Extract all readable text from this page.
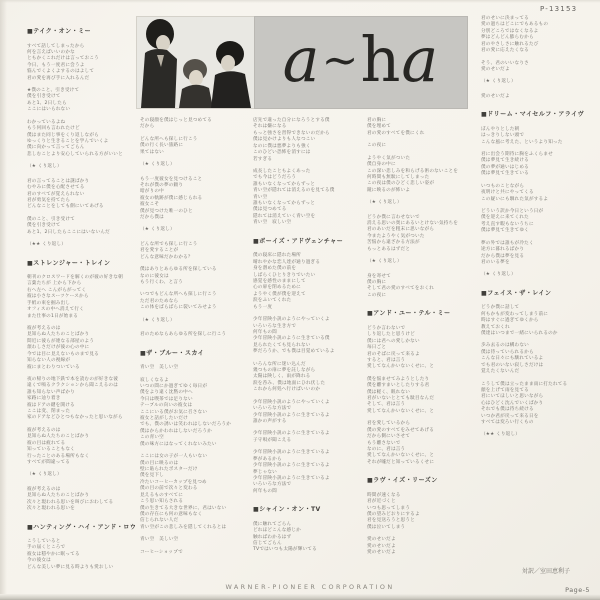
P-13153
a~ha
■テイク・オン・ミー
すべて話してしまったから
何を言えばいいのかな
ともかくこれだけは言っておこう
今日、もう一度君に会うよ
悩んでくよくよするのはよして
君の愛を再び手に入れるんだ
★僕のこと、引き受けて
僕を引き受けて
あと1、2日したら
ここにはいられない
わかっているよね
もう何回も言われたけど
僕はまた同じ事をくり返しながら
ゆっくりと生きることを学んでいくよ
僕に向かって言ってごらん
悲しむことより安心していられる方がいいと
（★ くり返し）
君の言ってることは謎ばかり
むやみに僕を心配させてる
君のすべてが覚えられない
君が勇気を持てたら
どんなことをしても側にいてあげる
僕のこと、引き受けて
僕を引き受けて
あと1、2日したらここにはいないんだ
（★★ くり返し）
■ストレンジャー・トレイン
朝刊のクロスワードを解くのが彼の好きな朝
言葉たちが 上から下から
右へ左へ こんがらがってく
彼は小さなスーツケースから
手紙の束を掴み出し
オフィスの中へ消えて行く
また仕事の1日が始まる
彼が考えるのは
見知らぬ人たちのことばかり
間近に彼らが連なる部屋のよう
煩わしさだけが彼の心の中に
今では目に見えないものまで見る
知らない人の視線が
彼にまとわりついている
夜の帰りの地下鉄で本を読むのが好きな彼
遠くで鳴るクラクションから聞こえるのは
誰も知らない声ばかり
家路に辿り着き
彼はドアの鍵を開ける
ここは変、閉まった
家のドアなどひとつもなかったと思いながら
彼が考えるのは
見知らぬ人たちのことばかり
彼の目は疲れてる
知っていることもなく
行ったことのある場所もなく
すべてが間違ってる
（★ くり返し）
彼が考えるのは
見知らぬ人たちのことばかり
次々と現われる思いを叫びにおわしてる
次々と現われる思いを
■ハンティング・ハイ・アンド・ロウ
こうしていると
手の届くところで
彼女は穏やかに眠ってる
今の彼女は
どんな美しい夢に見る時よりも愛おしい
その寝顔を僕はじっと見つめてる
だから
どんな所へも探しに行こう
僕の行く長い旅路に
果てはない
（★ くり返し）
もう一度彼女を見つけること
それが僕の夢の頼り
暗がりの中
彼女の軌跡が僕に感じられる
彼女こそ
僕が見つけた唯一のひと
だから僕は
（★ くり返し）
どんな所でも探しに行こう
君を愛することが
どんな意味だかわかる？
僕はありとあらゆる所を探している
なのに彼女は
もう行くわ、と言う
いつでもどんな所へも探しに行こう
ただ君のためなら
この体をばらばらに裂いてみせよう
（★ くり返し）
君のためならあらゆる所を探しに行こう
■ザ・ブルー・スカイ
青い空　美しい空
寂しくなるよ
いつの間にか過ぎてゆく毎日が
僕をより遠く沈黙の中へ
今日は喫茶では足りない
テーブルの向いの彼女は
ここにいる僕がお気に召さない
彼女と話がしたいだけ
でも、僕の誘いは笑われはしないだろうか
僕はからかわれはしないだろうか
この青い空
僕の味方にはなってくれないみたい
ここには女の子が一人もいない
僕の目に映るのは
壁に貼られたポスターだけ
僕を見下し
冷たいコーヒーカップを見つめ
僕の目の前で次々と変わる
見えるものすべてに
こう思い知らされる
僕の生きてる大きな世界に、君はいない
僕の存在にも何の意味もなく
信じられない人だ
青い空がこの悲しみを隠してくれるとは
青い空　美しい空
コーヒーショップで
店先で違った自分になろうとする僕
それは嫌になる
もっと強さを習得できないのだから
僕は見かけよりも人なつこい
なのに僕は悪夢よりも強く
このひどい恐怖を消すには
若すぎる
成長したこともよくあった
でも今はどうだろう
誰もいなくなってからずっと
青い空が隠れては消えるのを見てる僕
青い空
誰もいなくなってからずっと
僕は見つめてる
隠れては消えていく青い空を
青い空　寂しい空
■ボーイズ・アドヴェンチャー
僕の寝床に隠れた場所
晴れやかな恋人達が通り過ぎる
身を潜めた僕の前を
しばらくひとりきりでいたい
感覚を感性のままにして
心の扉を閉めるために
ようやく僕が僕を迎えて
涙をふいてくれた
もう一度
少年冒険小説のようにやっていくよ
いろいろな生き方で
何年もの間
少年冒険小説のように生きている僕
見られたくても見られない
夢だろうか、でも僕は目覚めているよ
いろんな所に迷い込んだ
幾つもの扉に夢を託しながら
太陽は険しく、雨が降れる
涙を呑み、僕は地面にひれ伏した
これから何処へ行けばいいのか
少年冒険小説のようにやっていくよ
いろいろな方法で
少年冒険小説のように生きているよ
誰かの声がする
少年冒険小説のように生きているよ
子守唄が聞こえる
少年冒険小説のように生きているよ
夢があるから
少年冒険小説のように生きているよ
夢じゃない
少年冒険小説のように生きているよ
いろいろな方法で
何年もの間
■シャイン・オン・TV
僕に触れてごらん
どれほどこんな感じか
触ればわかるはず
信じてごらん
TVではいつも太陽が輝いてる
君の胸に
僕を埋めて
君の愛のすべてを僕にくれ
この夜に
ようやく気がついた
僕自身の中に
この深い悲しみを和らげる術のないことを
何時間も無駄にしてしまった
この夜は僕のひどく悲しい姿が
鏡に映るのが怖いよ
（★ くり返し）
どうか僕に言わせないで
消える思いの奥にあるいとけない気持ちを
君のあいだを粗末に思いながら
今またようやく気がついた
苦悩から遠ざかる方法が
もっとあるはずだと
（★ くり返し）
身を寄せて
僕の胸に
そして君の愛のすべてをおくれ
この夜に
■アンド・ユー・テル・ミー
どうか言わないで
しり返したと思うけど
僕には君への愛しかない
毎日ごと
君のそばに戻って来るよ
すると、君は言う
愛してなんかいないくせに、と
僕を悩ませてみようとしたり
僕を離すまいとしたりする君
僕は軽く、眠れない
君がいないととても駄目なんだ
そして、君は言う
愛してなんかいないくせに、と
君を愛しているから
僕の愛のすべてをみせてあげる
だから側にいさせて
もう離さないで
なのに、君は言う
愛してなんかいないくせに、と
それが嘘だと知っているくせに
■ラヴ・イズ・リーズン
時間が速くなる
君が近づくと
いつも思ってしまう
僕の望みどおりにするよ
君を見送ろうと思うと
僕は泣いてしまう
愛のせいだよ
愛のせいだよ
愛のせいだよ
君のせいに決まってる
愛の過ちはどこにでもあるもの
分別どころではなくなるよ
夢はどんどん膨らむから
君のやさしさに触れるたび
君の愛に応えたくなる
そう、君のいいなりさ
愛のせいだよ
（★ くり返し）
愛のせいだよ
■ドリーム・マイセルフ・アライヴ
ぼんやりとした朝
はっきりしない頭で
こんな風に考えた、というより知った
君に出会う期待に胸をふくらませ
僕は夢見て生き続ける
僕の夢が通いはじめる
僕は夢見て生きている
いつものことながら
夜明けと共にやってくる
この疑いにも馴れた気がするよ
どういう訳か今日という日が
僕を迎えに来てくれた
考え直す暇もないうちに
僕は夢見て生きてゆく
夢の外では誰もが冷たく
途方に暮れるばかり
だから僕は夢を見る
君のいる夢を
（★ くり返し）
■フェイス・ザ・レイン
どうか僕に話して
何もかもが変わってしまう前に
時はすぐに過ぎてゆくから
教えておくれ
僕達はいつまで一緒にいられるのか
歩み去るのは構わない
僕は待っていられるから
こんな日々にも馴れているよ
でも君のいない寂しさだけは
覚えたくないんだ
こうして僕は立ったまま雨に打たれてる
顔を上げて雨を見てる
君にいてほしいと思いながら
心はひどく沈んでいくばかり
それでも僕は待ち続ける
いつか君が戻って来る日を
すべては変ろい行くもの
（★★ くり返し）
対訳／室田恵利子
WARNER-PIONEER CORPORATION	Page-5
